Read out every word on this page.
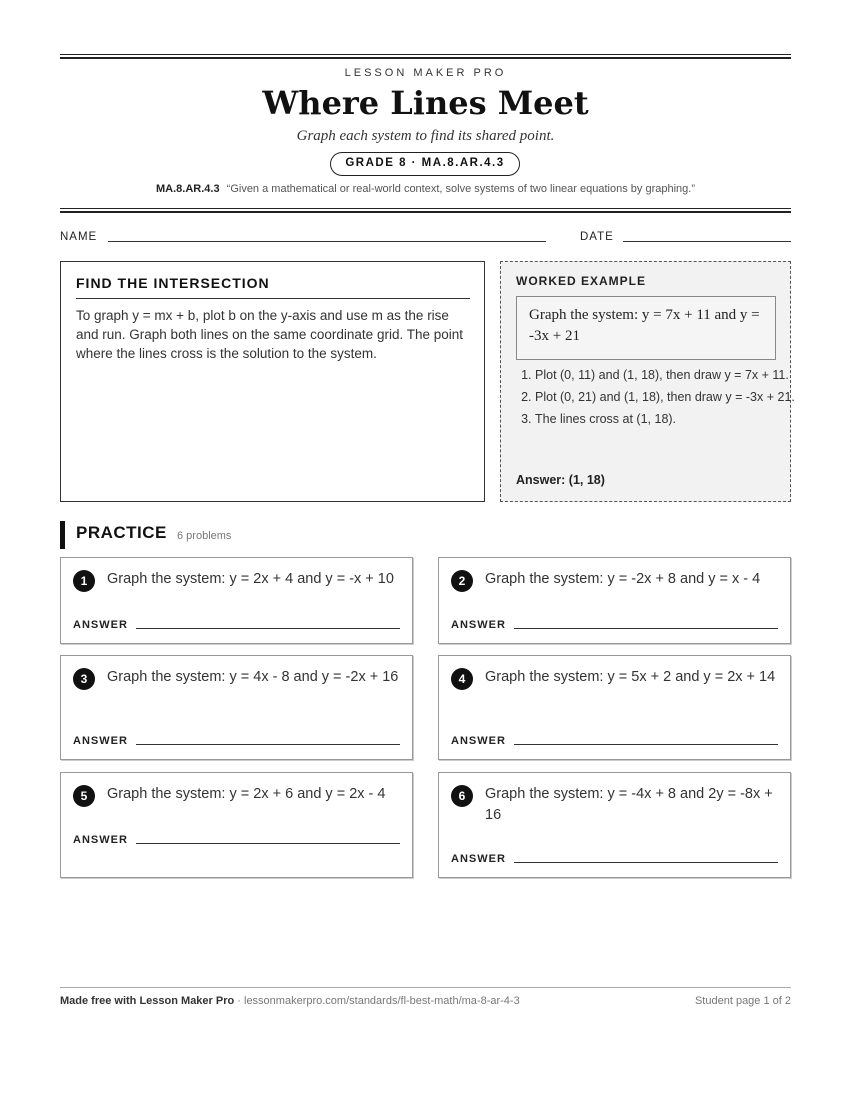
LESSON MAKER PRO
Where Lines Meet
Graph each system to find its shared point.
GRADE 8 · MA.8.AR.4.3
MA.8.AR.4.3 “Given a mathematical or real-world context, solve systems of two linear equations by graphing.”
NAME	DATE
FIND THE INTERSECTION
To graph y = mx + b, plot b on the y-axis and use m as the rise and run. Graph both lines on the same coordinate grid. The point where the lines cross is the solution to the system.
WORKED EXAMPLE
Graph the system: y = 7x + 11 and y = -3x + 21
1. Plot (0, 11) and (1, 18), then draw y = 7x + 11.
2. Plot (0, 21) and (1, 18), then draw y = -3x + 21.
3. The lines cross at (1, 18).
Answer: (1, 18)
PRACTICE 6 problems
1	Graph the system: y = 2x + 4 and y = -x + 10
ANSWER
2	Graph the system: y = -2x + 8 and y = x - 4
ANSWER
3	Graph the system: y = 4x - 8 and y = -2x + 16
ANSWER
4	Graph the system: y = 5x + 2 and y = 2x + 14
ANSWER
5	Graph the system: y = 2x + 6 and y = 2x - 4
ANSWER
6	Graph the system: y = -4x + 8 and 2y = -8x + 16
ANSWER
Made free with Lesson Maker Pro · lessonmakerpro.com/standards/fl-best-math/ma-8-ar-4-3	Student page 1 of 2
